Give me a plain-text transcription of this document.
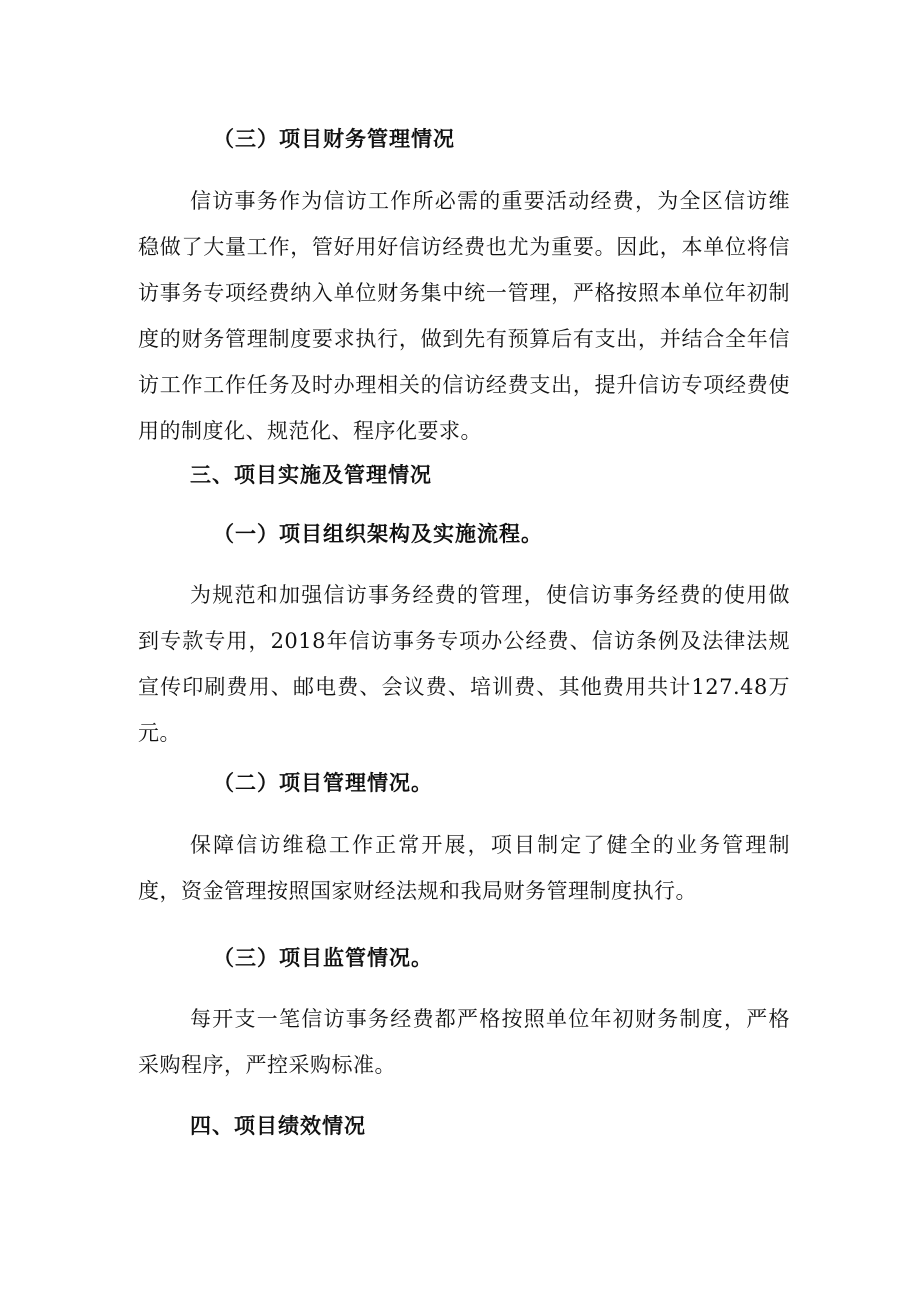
（三）项目财务管理情况

信访事务作为信访工作所必需的重要活动经费，为全区信访维稳做了大量工作，管好用好信访经费也尤为重要。因此，本单位将信访事务专项经费纳入单位财务集中统一管理，严格按照本单位年初制度的财务管理制度要求执行，做到先有预算后有支出，并结合全年信访工作工作任务及时办理相关的信访经费支出，提升信访专项经费使用的制度化、规范化、程序化要求。

三、项目实施及管理情况
（一）项目组织架构及实施流程。

为规范和加强信访事务经费的管理，使信访事务经费的使用做到专款专用，2018年信访事务专项办公经费、信访条例及法律法规宣传印刷费用、邮电费、会议费、培训费、其他费用共计127.48万元。

（二）项目管理情况。

保障信访维稳工作正常开展，项目制定了健全的业务管理制度，资金管理按照国家财经法规和我局财务管理制度执行。

（三）项目监管情况。

每开支一笔信访事务经费都严格按照单位年初财务制度，严格采购程序，严控采购标准。

四、项目绩效情况
